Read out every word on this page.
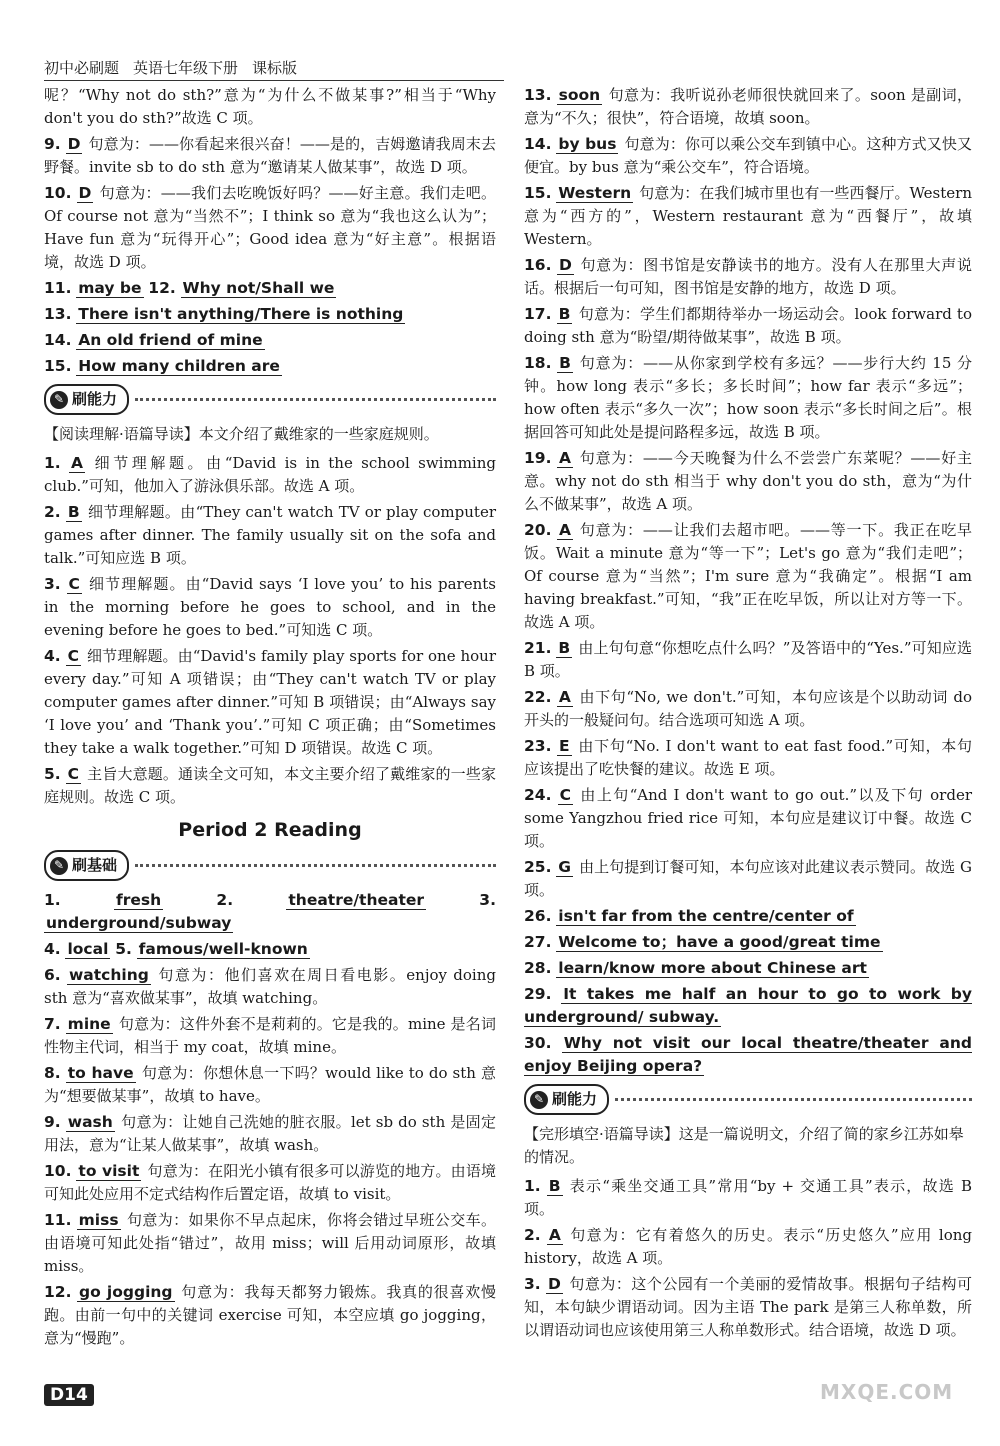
初中必刷题 英语七年级下册 课标版
呢？“Why not do sth?”意为“为什么不做某事?”相当于“Why don't you do sth?”故选 C 项。
9. D 句意为：——你看起来很兴奋！——是的，吉姆邀请我周末去野餐。invite sb to do sth 意为“邀请某人做某事”，故选 D 项。
10. D 句意为：——我们去吃晚饭好吗？——好主意。我们走吧。Of course not 意为“当然不”；I think so 意为“我也这么认为”；Have fun 意为“玩得开心”；Good idea 意为“好主意”。根据语境，故选 D 项。
11. may be 12. Why not/Shall we
13. There isn't anything/There is nothing
14. An old friend of mine
15. How many children are
✎ 刷能力
【阅读理解·语篇导读】本文介绍了戴维家的一些家庭规则。
1. A 细节理解题。由“David is in the school swimming club.”可知，他加入了游泳俱乐部。故选 A 项。
2. B 细节理解题。由“They can't watch TV or play computer games after dinner. The family usually sit on the sofa and talk.”可知应选 B 项。
3. C 细节理解题。由“David says ‘I love you’ to his parents in the morning before he goes to school, and in the evening before he goes to bed.”可知选 C 项。
4. C 细节理解题。由“David's family play sports for one hour every day.”可知 A 项错误；由“They can't watch TV or play computer games after dinner.”可知 B 项错误；由“Always say ‘I love you’ and ‘Thank you’.”可知 C 项正确；由“Sometimes they take a walk together.”可知 D 项错误。故选 C 项。
5. C 主旨大意题。通读全文可知，本文主要介绍了戴维家的一些家庭规则。故选 C 项。
Period 2 Reading
✎ 刷基础
1.	fresh	2.	theatre/theater	3. underground/subway
4. local 5. famous/well-known
6. watching 句意为：他们喜欢在周日看电影。enjoy doing sth 意为“喜欢做某事”，故填 watching。
7. mine 句意为：这件外套不是莉莉的。它是我的。mine 是名词性物主代词，相当于 my coat，故填 mine。
8. to have 句意为：你想休息一下吗？would like to do sth 意为“想要做某事”，故填 to have。
9. wash 句意为：让她自己洗她的脏衣服。let sb do sth 是固定用法，意为“让某人做某事”，故填 wash。
10. to visit 句意为：在阳光小镇有很多可以游览的地方。由语境可知此处应用不定式结构作后置定语，故填 to visit。
11. miss 句意为：如果你不早点起床，你将会错过早班公交车。由语境可知此处指“错过”，故用 miss；will 后用动词原形，故填 miss。
12. go jogging 句意为：我每天都努力锻炼。我真的很喜欢慢跑。由前一句中的关键词 exercise 可知，本空应填 go jogging，意为“慢跑”。
13. soon 句意为：我听说孙老师很快就回来了。soon 是副词，意为“不久；很快”，符合语境，故填 soon。
14. by bus 句意为：你可以乘公交车到镇中心。这种方式又快又便宜。by bus 意为“乘公交车”，符合语境。
15. Western 句意为：在我们城市里也有一些西餐厅。Western 意为“西方的”，Western restaurant 意为“西餐厅”，故填 Western。
16. D 句意为：图书馆是安静读书的地方。没有人在那里大声说话。根据后一句可知，图书馆是安静的地方，故选 D 项。
17. B 句意为：学生们都期待举办一场运动会。look forward to doing sth 意为“盼望/期待做某事”，故选 B 项。
18. B 句意为：——从你家到学校有多远？——步行大约 15 分钟。how long 表示“多长；多长时间”；how far 表示“多远”；how often 表示“多久一次”；how soon 表示“多长时间之后”。根据回答可知此处是提问路程多远，故选 B 项。
19. A 句意为：——今天晚餐为什么不尝尝广东菜呢？——好主意。why not do sth 相当于 why don't you do sth，意为“为什么不做某事”，故选 A 项。
20. A 句意为：——让我们去超市吧。——等一下。我正在吃早饭。Wait a minute 意为“等一下”；Let's go 意为“我们走吧”；Of course 意为“当然”；I'm sure 意为“我确定”。根据“I am having breakfast.”可知，“我”正在吃早饭，所以让对方等一下。故选 A 项。
21. B 由上句句意“你想吃点什么吗？”及答语中的“Yes.”可知应选 B 项。
22. A 由下句“No, we don't.”可知，本句应该是个以助动词 do 开头的一般疑问句。结合选项可知选 A 项。
23. E 由下句“No. I don't want to eat fast food.”可知，本句应该提出了吃快餐的建议。故选 E 项。
24. C 由上句“And I don't want to go out.”以及下句 order some Yangzhou fried rice 可知，本句应是建议订中餐。故选 C 项。
25. G 由上句提到订餐可知，本句应该对此建议表示赞同。故选 G 项。
26. isn't far from the centre/center of
27. Welcome to；have a good/great time
28. learn/know more about Chinese art
29. It takes me half an hour to go to work by underground/ subway.
30. Why not visit our local theatre/theater and enjoy Beijing opera?
✎ 刷能力
【完形填空·语篇导读】这是一篇说明文，介绍了简的家乡江苏如皋的情况。
1. B 表示“乘坐交通工具”常用“by + 交通工具”表示，故选 B 项。
2. A 句意为：它有着悠久的历史。表示“历史悠久”应用 long history，故选 A 项。
3. D 句意为：这个公园有一个美丽的爱情故事。根据句子结构可知，本句缺少谓语动词。因为主语 The park 是第三人称单数，所以谓语动词也应该使用第三人称单数形式。结合语境，故选 D 项。
D14	MXQE.COM
